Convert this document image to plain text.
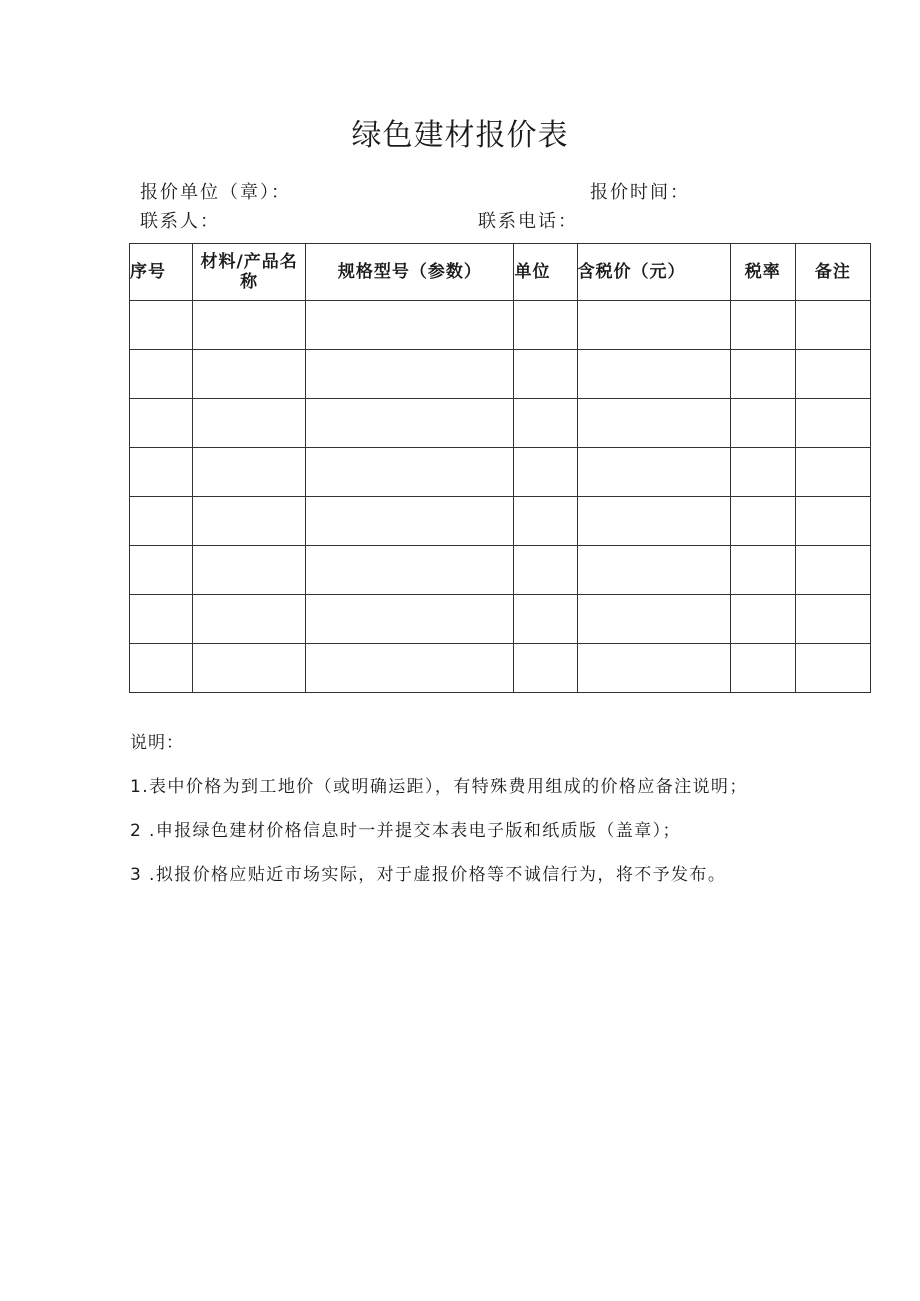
绿色建材报价表
报价单位（章）：	报价时间：
联系人：	联系电话：
序号	材料/产品名称	规格型号（参数）	单位	含税价（元）	税率	备注

说明：
1.表中价格为到工地价（或明确运距），有特殊费用组成的价格应备注说明；
2 .申报绿色建材价格信息时一并提交本表电子版和纸质版（盖章）；
3 .拟报价格应贴近市场实际，对于虚报价格等不诚信行为，将不予发布。
